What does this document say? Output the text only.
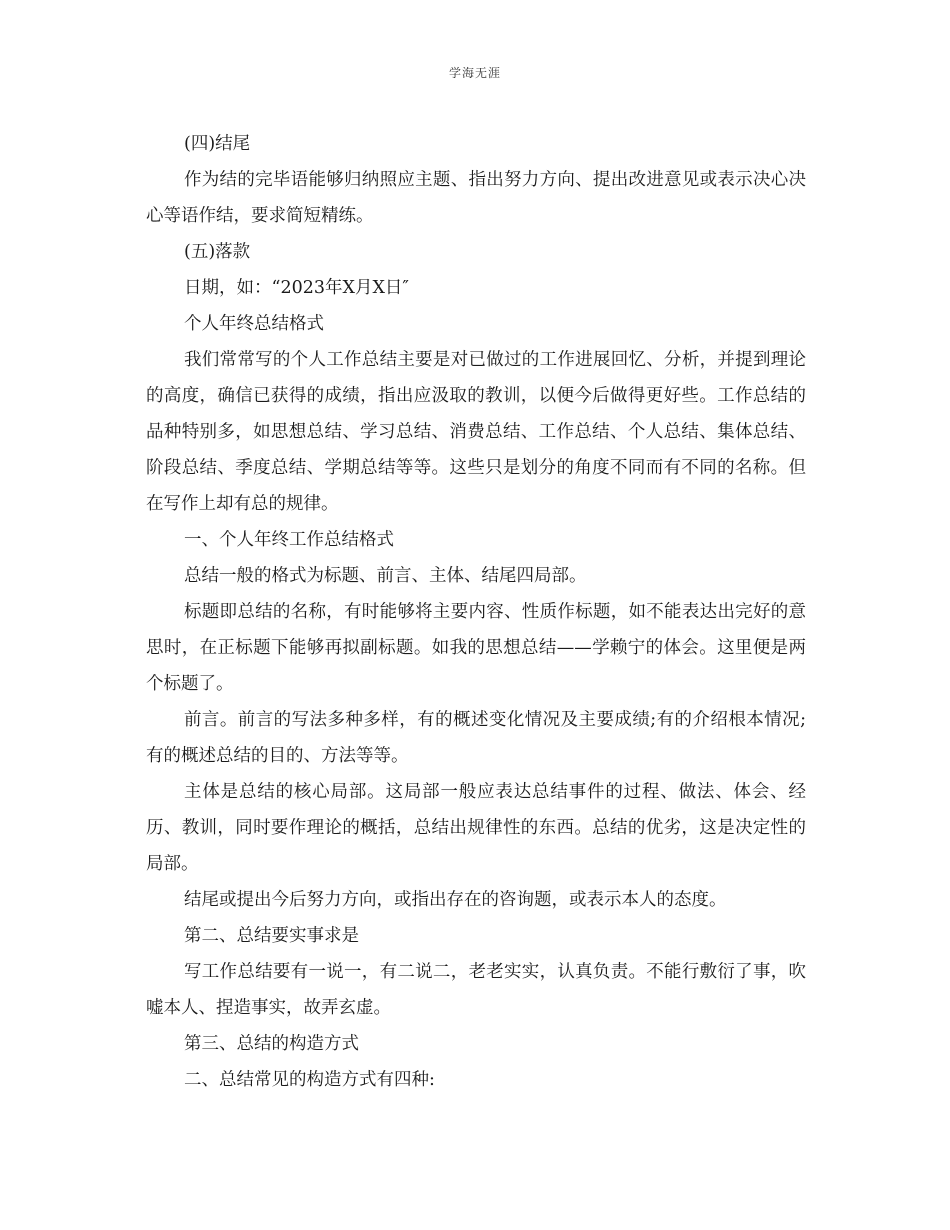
学海无涯

(四)结尾

作为结的完毕语能够归纳照应主题、指出努力方向、提出改进意见或表示决心决心等语作结，要求简短精练。

(五)落款

日期，如：“2023年X月X日″

个人年终总结格式

我们常常写的个人工作总结主要是对已做过的工作进展回忆、分析，并提到理论的高度，确信已获得的成绩，指出应汲取的教训，以便今后做得更好些。工作总结的品种特别多，如思想总结、学习总结、消费总结、工作总结、个人总结、集体总结、阶段总结、季度总结、学期总结等等。这些只是划分的角度不同而有不同的名称。但在写作上却有总的规律。

一、个人年终工作总结格式

总结一般的格式为标题、前言、主体、结尾四局部。

标题即总结的名称，有时能够将主要内容、性质作标题，如不能表达出完好的意思时，在正标题下能够再拟副标题。如我的思想总结——学赖宁的体会。这里便是两个标题了。

前言。前言的写法多种多样，有的概述变化情况及主要成绩;有的介绍根本情况;有的概述总结的目的、方法等等。

主体是总结的核心局部。这局部一般应表达总结事件的过程、做法、体会、经历、教训，同时要作理论的概括，总结出规律性的东西。总结的优劣，这是决定性的局部。

结尾或提出今后努力方向，或指出存在的咨询题，或表示本人的态度。

第二、总结要实事求是

写工作总结要有一说一，有二说二，老老实实，认真负责。不能行敷衍了事，吹嘘本人、捏造事实，故弄玄虚。

第三、总结的构造方式

二、总结常见的构造方式有四种:
